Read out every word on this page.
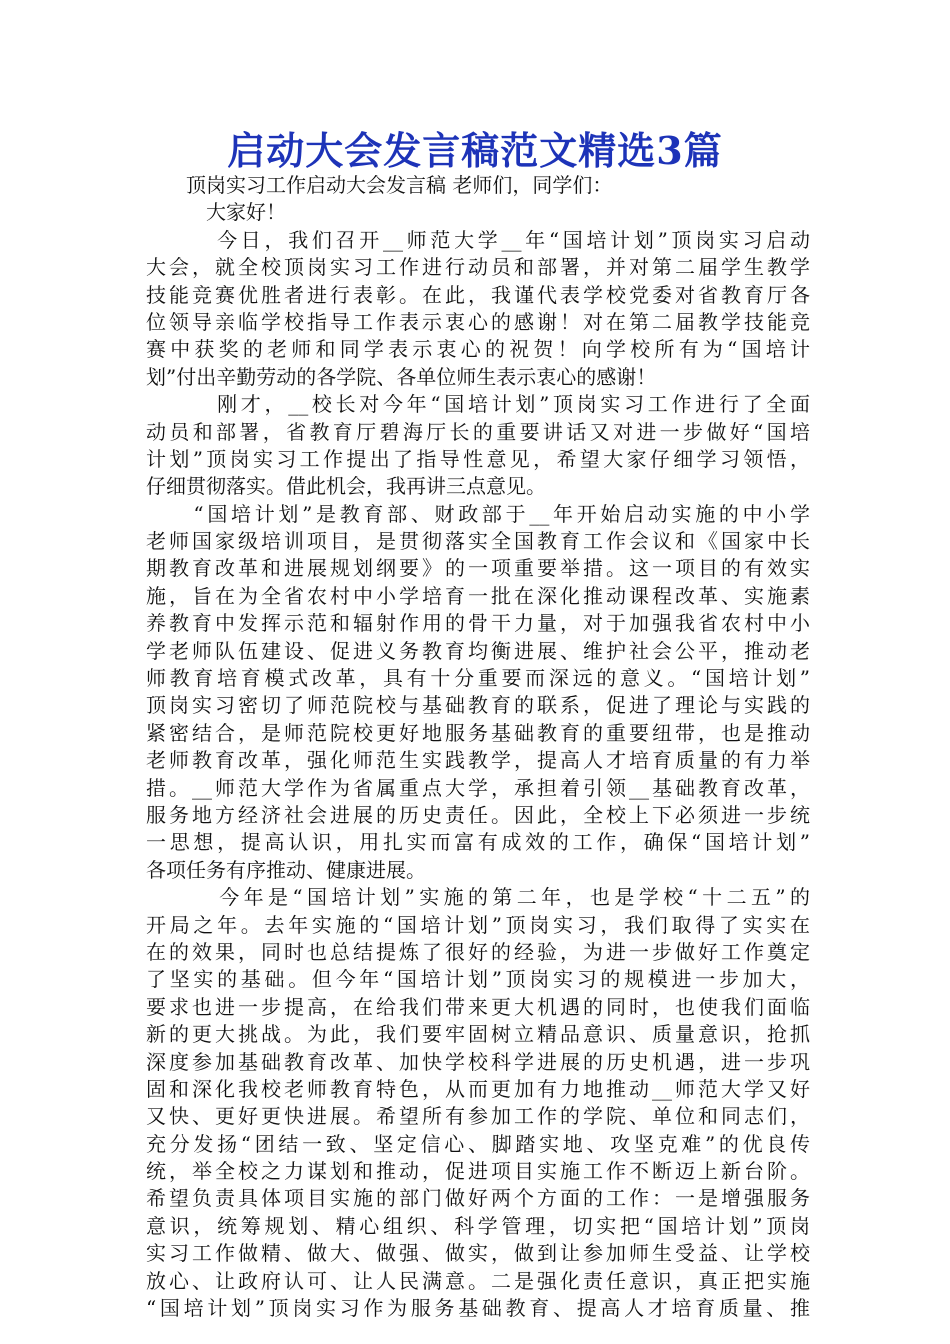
启动大会发言稿范文精选3篇
　　顶岗实习工作启动大会发言稿 老师们，同学们：
　　　大家好！
　　　今日，我们召开__师范大学__年“国培计划”顶岗实习启动
大会，就全校顶岗实习工作进行动员和部署，并对第二届学生教学
技能竞赛优胜者进行表彰。在此，我谨代表学校党委对省教育厅各
位领导亲临学校指导工作表示衷心的感谢！对在第二届教学技能竞
赛中获奖的老师和同学表示衷心的祝贺！向学校所有为“国培计
划”付出辛勤劳动的各学院、各单位师生表示衷心的感谢！
　　　刚才，__校长对今年“国培计划”顶岗实习工作进行了全面
动员和部署，省教育厅碧海厅长的重要讲话又对进一步做好“国培
计划”顶岗实习工作提出了指导性意见，希望大家仔细学习领悟，
仔细贯彻落实。借此机会，我再讲三点意见。
　　“国培计划”是教育部、财政部于__年开始启动实施的中小学
老师国家级培训项目，是贯彻落实全国教育工作会议和《国家中长
期教育改革和进展规划纲要》的一项重要举措。这一项目的有效实
施，旨在为全省农村中小学培育一批在深化推动课程改革、实施素
养教育中发挥示范和辐射作用的骨干力量，对于加强我省农村中小
学老师队伍建设、促进义务教育均衡进展、维护社会公平，推动老
师教育培育模式改革，具有十分重要而深远的意义。“国培计划”
顶岗实习密切了师范院校与基础教育的联系，促进了理论与实践的
紧密结合，是师范院校更好地服务基础教育的重要纽带，也是推动
老师教育改革，强化师范生实践教学，提高人才培育质量的有力举
措。__师范大学作为省属重点大学，承担着引领__基础教育改革，
服务地方经济社会进展的历史责任。因此，全校上下必须进一步统
一思想，提高认识，用扎实而富有成效的工作，确保“国培计划”
各项任务有序推动、健康进展。
　　　今年是“国培计划”实施的第二年，也是学校“十二五”的
开局之年。去年实施的“国培计划”顶岗实习，我们取得了实实在
在的效果，同时也总结提炼了很好的经验，为进一步做好工作奠定
了坚实的基础。但今年“国培计划”顶岗实习的规模进一步加大，
要求也进一步提高，在给我们带来更大机遇的同时，也使我们面临
新的更大挑战。为此，我们要牢固树立精品意识、质量意识，抢抓
深度参加基础教育改革、加快学校科学进展的历史机遇，进一步巩
固和深化我校老师教育特色，从而更加有力地推动__师范大学又好
又快、更好更快进展。希望所有参加工作的学院、单位和同志们，
充分发扬“团结一致、坚定信心、脚踏实地、攻坚克难”的优良传
统，举全校之力谋划和推动，促进项目实施工作不断迈上新台阶。
希望负责具体项目实施的部门做好两个方面的工作：一是增强服务
意识，统筹规划、精心组织、科学管理，切实把“国培计划”顶岗
实习工作做精、做大、做强、做实，做到让参加师生受益、让学校
放心、让政府认可、让人民满意。二是强化责任意识，真正把实施
“国培计划”顶岗实习作为服务基础教育、提高人才培育质量、推
